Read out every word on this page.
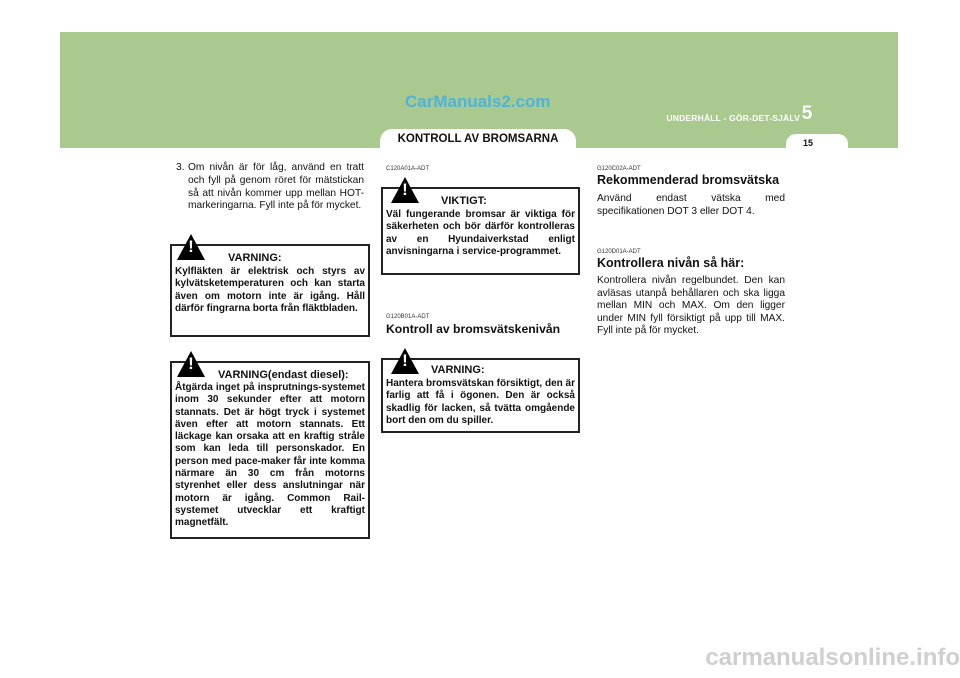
CarManuals2.com
UNDERHÅLL - GÖR-DET-SJÄLV 5
15
KONTROLL AV BROMSARNA
3. Om nivån är för låg, använd en tratt och fyll på genom röret för mätstickan så att nivån kommer upp mellan HOT-markeringarna. Fyll inte på för mycket.
!
VARNING:
Kylfläkten är elektrisk och styrs av kylvätsketemperaturen och kan starta även om motorn inte är igång. Håll därför fingrarna borta från fläktbladen.
!
VARNING(endast diesel):
Åtgärda inget på insprutnings-systemet inom 30 sekunder efter att motorn stannats. Det är högt tryck i systemet även efter att motorn stannats. Ett läckage kan orsaka att en kraftig stråle som kan leda till personskador. En person med pace-maker får inte komma närmare än 30 cm från motorns styrenhet eller dess anslutningar när motorn är igång. Common Rail-systemet utvecklar ett kraftigt magnetfält.
C120A01A-ADT
!
VIKTIGT:
Väl fungerande bromsar är viktiga för säkerheten och bör därför kontrolleras av en Hyundaiverkstad enligt anvisningarna i service-programmet.
G120B01A-ADT
Kontroll av bromsvätskenivån
!	VARNING:
Hantera bromsvätskan försiktigt, den är farlig att få i ögonen. Den är också skadlig för lacken, så tvätta omgående bort den om du spiller.
G120C02A-ADT
Rekommenderad bromsvätska
Använd endast vätska med specifikationen DOT 3 eller DOT 4.
G120D01A-ADT
Kontrollera nivån så här:
Kontrollera nivån regelbundet. Den kan avläsas utanpå behållaren och ska ligga mellan MIN och MAX. Om den ligger under MIN fyll försiktigt på upp till MAX. Fyll inte på för mycket.
carmanualsonline.info
